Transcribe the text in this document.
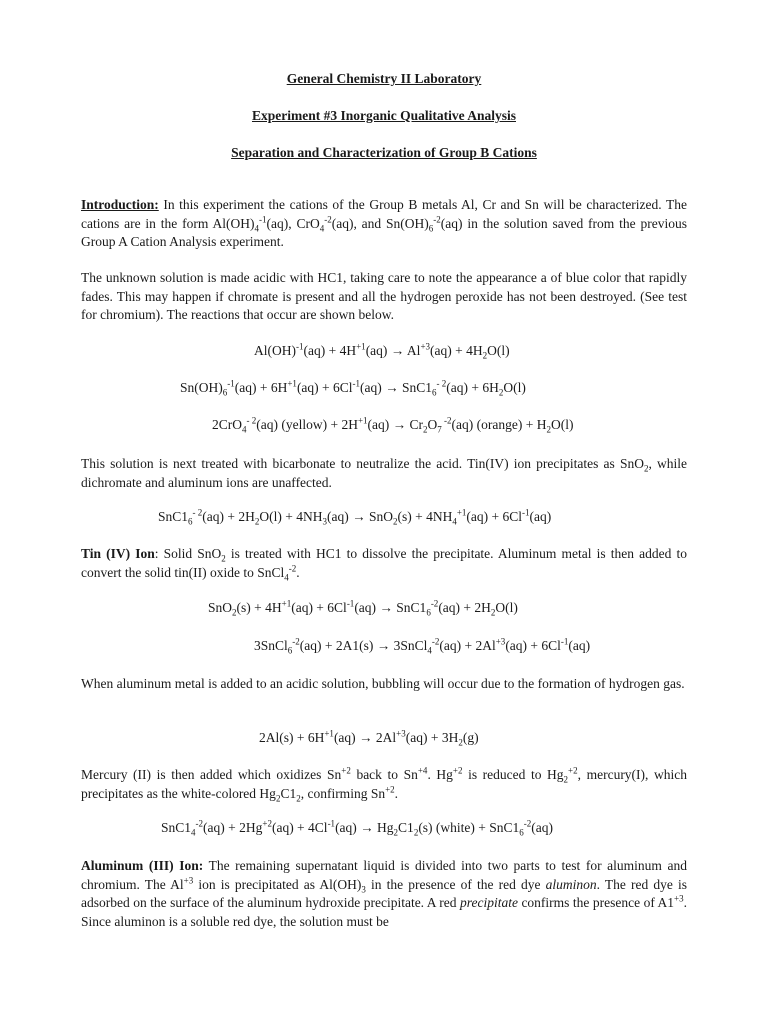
General Chemistry II Laboratory
Experiment #3 Inorganic Qualitative Analysis
Separation and Characterization of Group B Cations
Introduction: In this experiment the cations of the Group B metals Al, Cr and Sn will be characterized. The cations are in the form $Al(OH)_4^{-1}(aq)$, CrO$_4^{-2}$(aq), and $Sn(OH)_6^{-2}(aq)$ in the solution saved from the previous Group A Cation Analysis experiment.
The unknown solution is made acidic with HC1, taking care to note the appearance a of blue color that rapidly fades. This may happen if chromate is present and all the hydrogen peroxide has not been destroyed. (See test for chromium). The reactions that occur are shown below.
$Al(OH)^{-1}(aq) + 4H^{+1}(aq) \to Al^{+3}(aq) + 4H_2O(l)$
$Sn(OH)_6^{-1}(aq) + 6H^{+1}(aq) + 6Cl^{-1}(aq) \to SnC1_6^{- 2}(aq) + 6H_2O(l)$
2CrO$_4^{- 2}$(aq) (yellow) + $2H^{+1}(aq) \to Cr_2O_7$ $^{-2}$(aq) (orange) + $H_2O(l)$
This solution is next treated with bicarbonate to neutralize the acid. Tin(IV) ion precipitates as SnO$_2$, while dichromate and aluminum ions are unaffected.
$SnC1_6^{- 2}(aq) + 2H_2O(l) + 4NH_3(aq) \to SnO_2(s) + 4NH_4^{+1}(aq) + 6Cl^{-1}(aq)$
Tin (IV) Ion: Solid SnO$_2$ is treated with HC1 to dissolve the precipitate. Aluminum metal is then added to convert the solid tin(II) oxide to SnCl$_4^{-2}$.
$SnO_2(s) + 4H^{+1}(aq) + 6Cl^{-1}(aq) \to SnC1_6^{-2}(aq) + 2H_2O(l)$
3SnCl$_6^{-2}$(aq) + 2A1(s) → 3SnCl$_4^{-2}$(aq) + $2Al^{+3}(aq) + 6Cl^{-1}(aq)$
When aluminum metal is added to an acidic solution, bubbling will occur due to the formation of hydrogen gas.
$2Al(s) + 6H^{+1}(aq) \to 2Al^{+3}(aq) + 3H_2(g)$
Mercury (II) is then added which oxidizes $Sn^{+2}$ back to $Sn^{+4}$. $Hg^{+2}$ is reduced to $Hg_2^{+2}$, mercury(I), which precipitates as the white-colored $Hg_2C1_2$, confirming $Sn^{+2}$.
$SnC1_4^{-2}(aq) + 2Hg^{+2}(aq) + 4Cl^{-1}(aq) \to Hg_2C1_2(s)$ (white) + $SnC1_6^{-2}(aq)$
Aluminum (III) Ion: The remaining supernatant liquid is divided into two parts to test for aluminum and chromium. The $Al^{+3}$ ion is precipitated as $Al(OH)_3$ in the presence of the red dye aluminon. The red dye is adsorbed on the surface of the aluminum hydroxide precipitate. A red precipitate confirms the presence of $A1^{+3}$. Since aluminon is a soluble red dye, the solution must be
